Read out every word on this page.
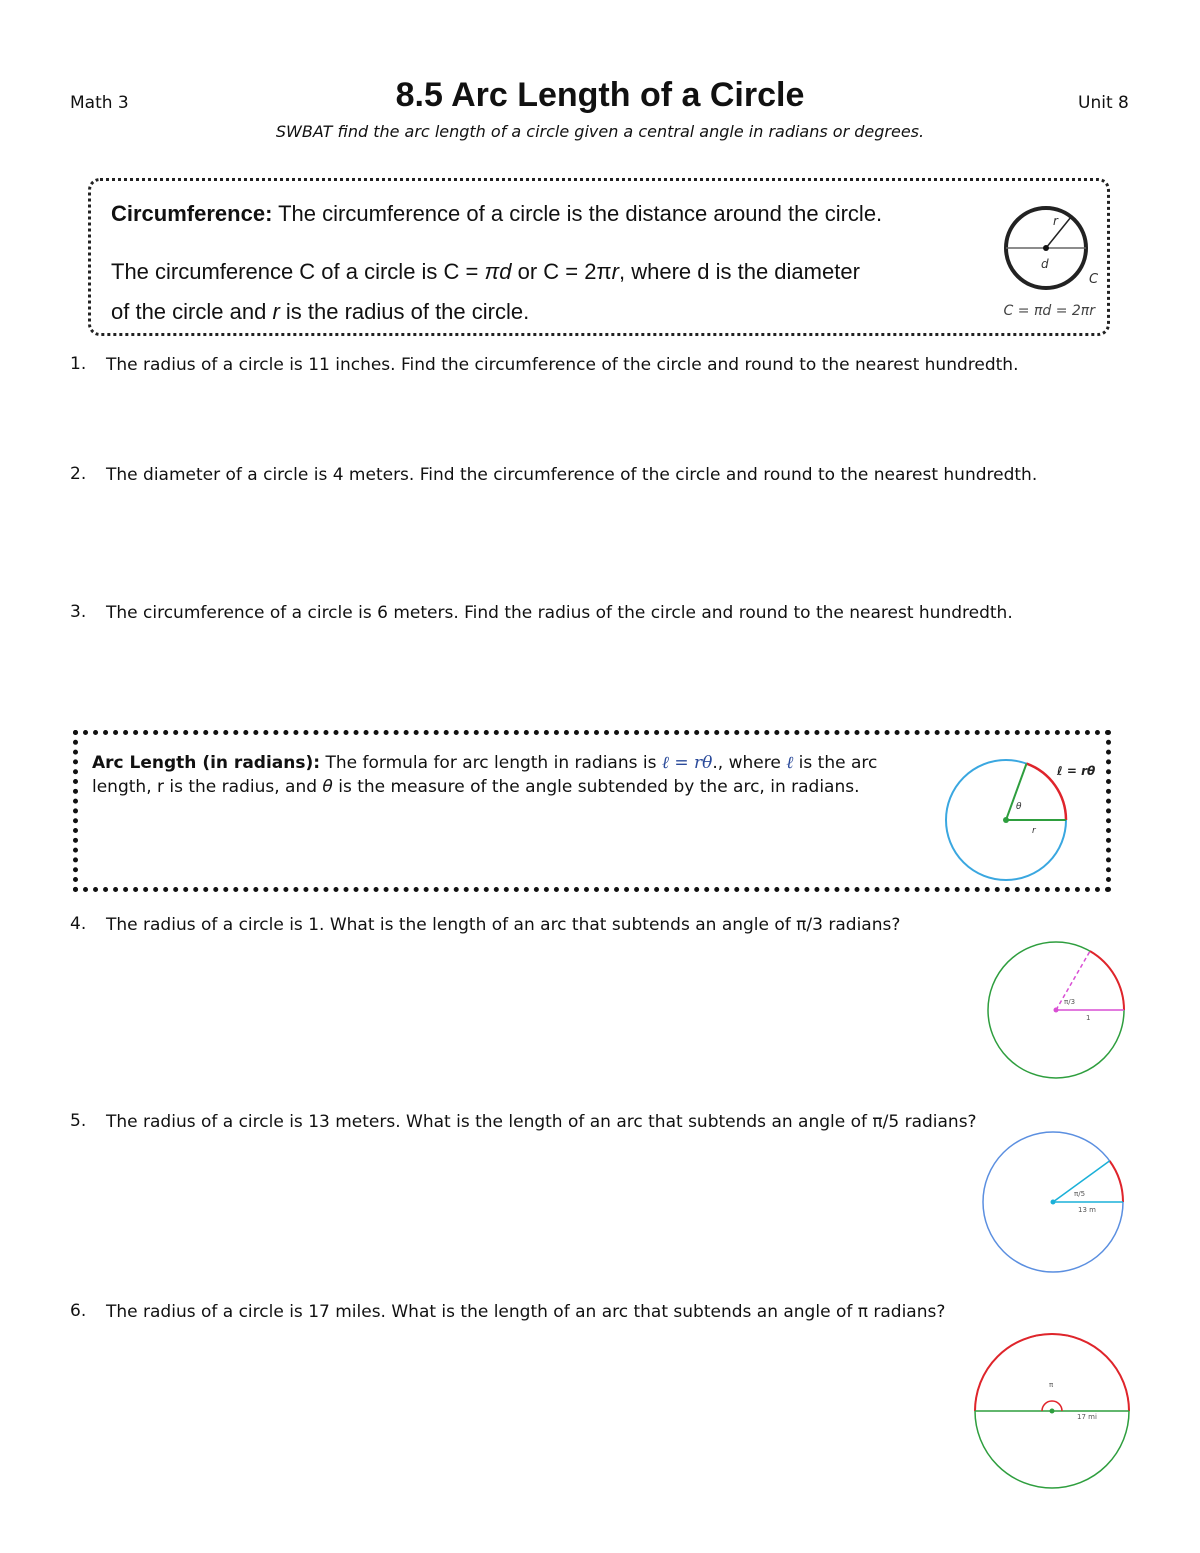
Math 3	8.5 Arc Length of a Circle	Unit 8
SWBAT find the arc length of a circle given a central angle in radians or degrees.
Circumference: The circumference of a circle is the distance around the circle.
The circumference C of a circle is C = πd or C = 2πr, where d is the diameter
of the circle and r is the radius of the circle.	C = πd = 2πr
r
d
C
1. The radius of a circle is 11 inches. Find the circumference of the circle and round to the nearest hundredth.
2. The diameter of a circle is 4 meters. Find the circumference of the circle and round to the nearest hundredth.
3. The circumference of a circle is 6 meters. Find the radius of the circle and round to the nearest hundredth.
Arc Length (in radians): The formula for arc length in radians is ℓ = rθ., where ℓ is the arc length, r is the radius, and θ is the measure of the angle subtended by the arc, in radians.
θ
r
ℓ = rθ
4. The radius of a circle is 1. What is the length of an arc that subtends an angle of π/3 radians?
π/3
1
5. The radius of a circle is 13 meters. What is the length of an arc that subtends an angle of π/5 radians?
π/5
13 m
6. The radius of a circle is 17 miles. What is the length of an arc that subtends an angle of π radians?
π
17 mi
